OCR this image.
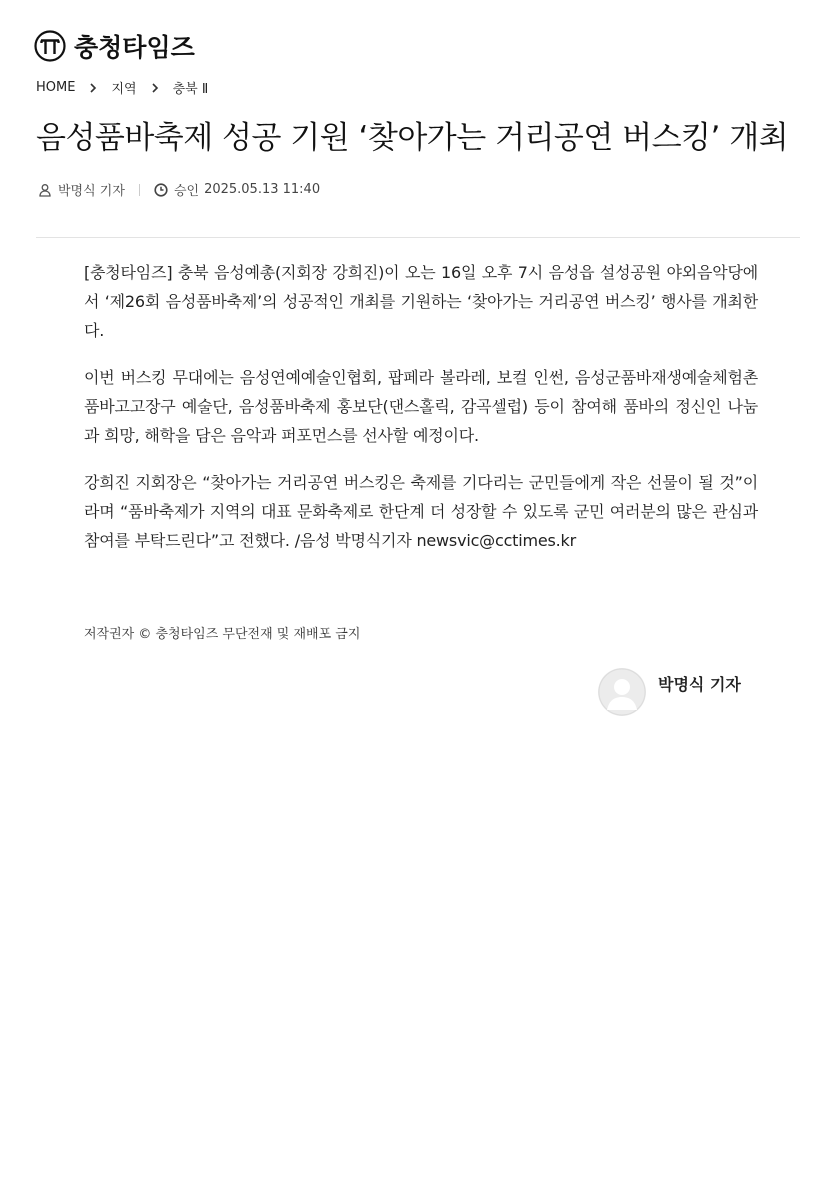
충청타임즈
HOME	지역	충북 Ⅱ
음성품바축제 성공 기원 ‘찾아가는 거리공연 버스킹’ 개최
박명식 기자	승인 2025.05.13 11:40

[충청타임즈] 충북 음성예총(지회장 강희진)이 오는 16일 오후 7시 음성읍 설성공원 야외음악당에서 ‘제26회 음성품바축제’의 성공적인 개최를 기원하는 ‘찾아가는 거리공연 버스킹’ 행사를 개최한다.

이번 버스킹 무대에는 음성연예예술인협회, 팝페라 볼라레, 보컬 인썬, 음성군품바재생예술체험촌 품바고고장구 예술단, 음성품바축제 홍보단(댄스홀릭, 감곡셀럽) 등이 참여해 품바의 정신인 나눔과 희망, 해학을 담은 음악과 퍼포먼스를 선사할 예정이다.

강희진 지회장은 “찾아가는 거리공연 버스킹은 축제를 기다리는 군민들에게 작은 선물이 될 것”이라며 “품바축제가 지역의 대표 문화축제로 한단계 더 성장할 수 있도록 군민 여러분의 많은 관심과 참여를 부탁드린다”고 전했다. /음성 박명식기자 newsvic@cctimes.kr

저작권자 © 충청타임즈 무단전재 및 재배포 금지
박명식 기자
